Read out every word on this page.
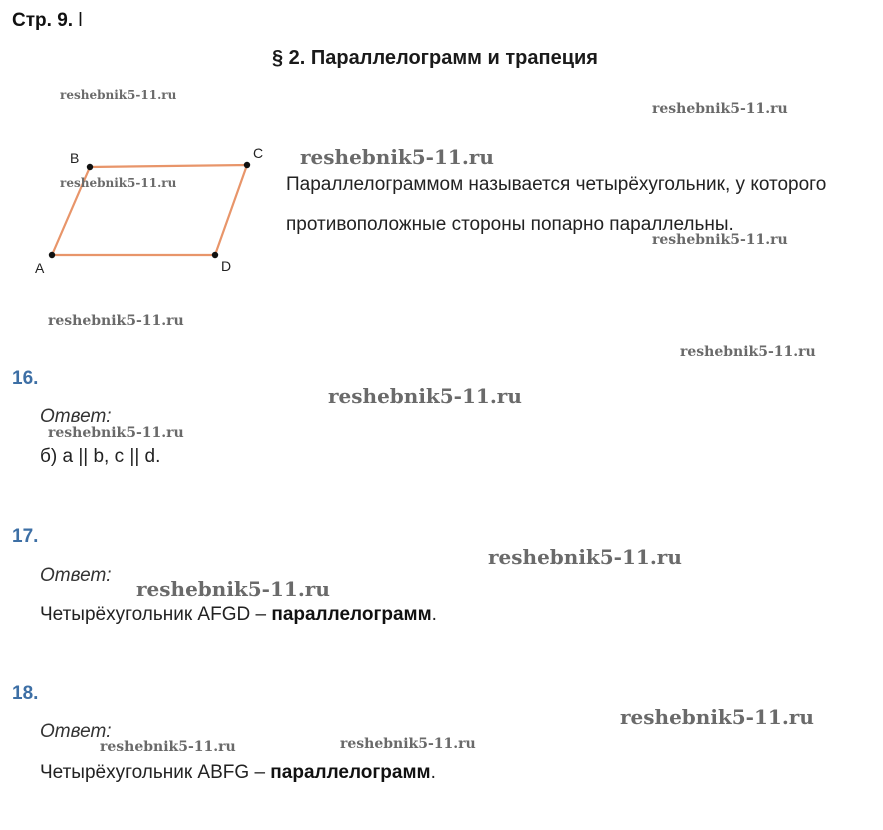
Стр. 9. l
§ 2. Параллелограмм и трапеция
B	C
A	D
Параллелограммом называется четырёхугольник, у которого противоположные стороны попарно параллельны.
16.
Ответ:
б) a || b, c || d.
17.
Ответ:
Четырёхугольник AFGD – параллелограмм.
18.
Ответ:
Четырёхугольник ABFG – параллелограмм.
reshebnik5-11.ru
reshebnik5-11.ru
reshebnik5-11.ru
reshebnik5-11.ru
reshebnik5-11.ru
reshebnik5-11.ru
reshebnik5-11.ru
reshebnik5-11.ru
reshebnik5-11.ru
reshebnik5-11.ru
reshebnik5-11.ru
reshebnik5-11.ru
reshebnik5-11.ru	reshebnik5-11.ru
